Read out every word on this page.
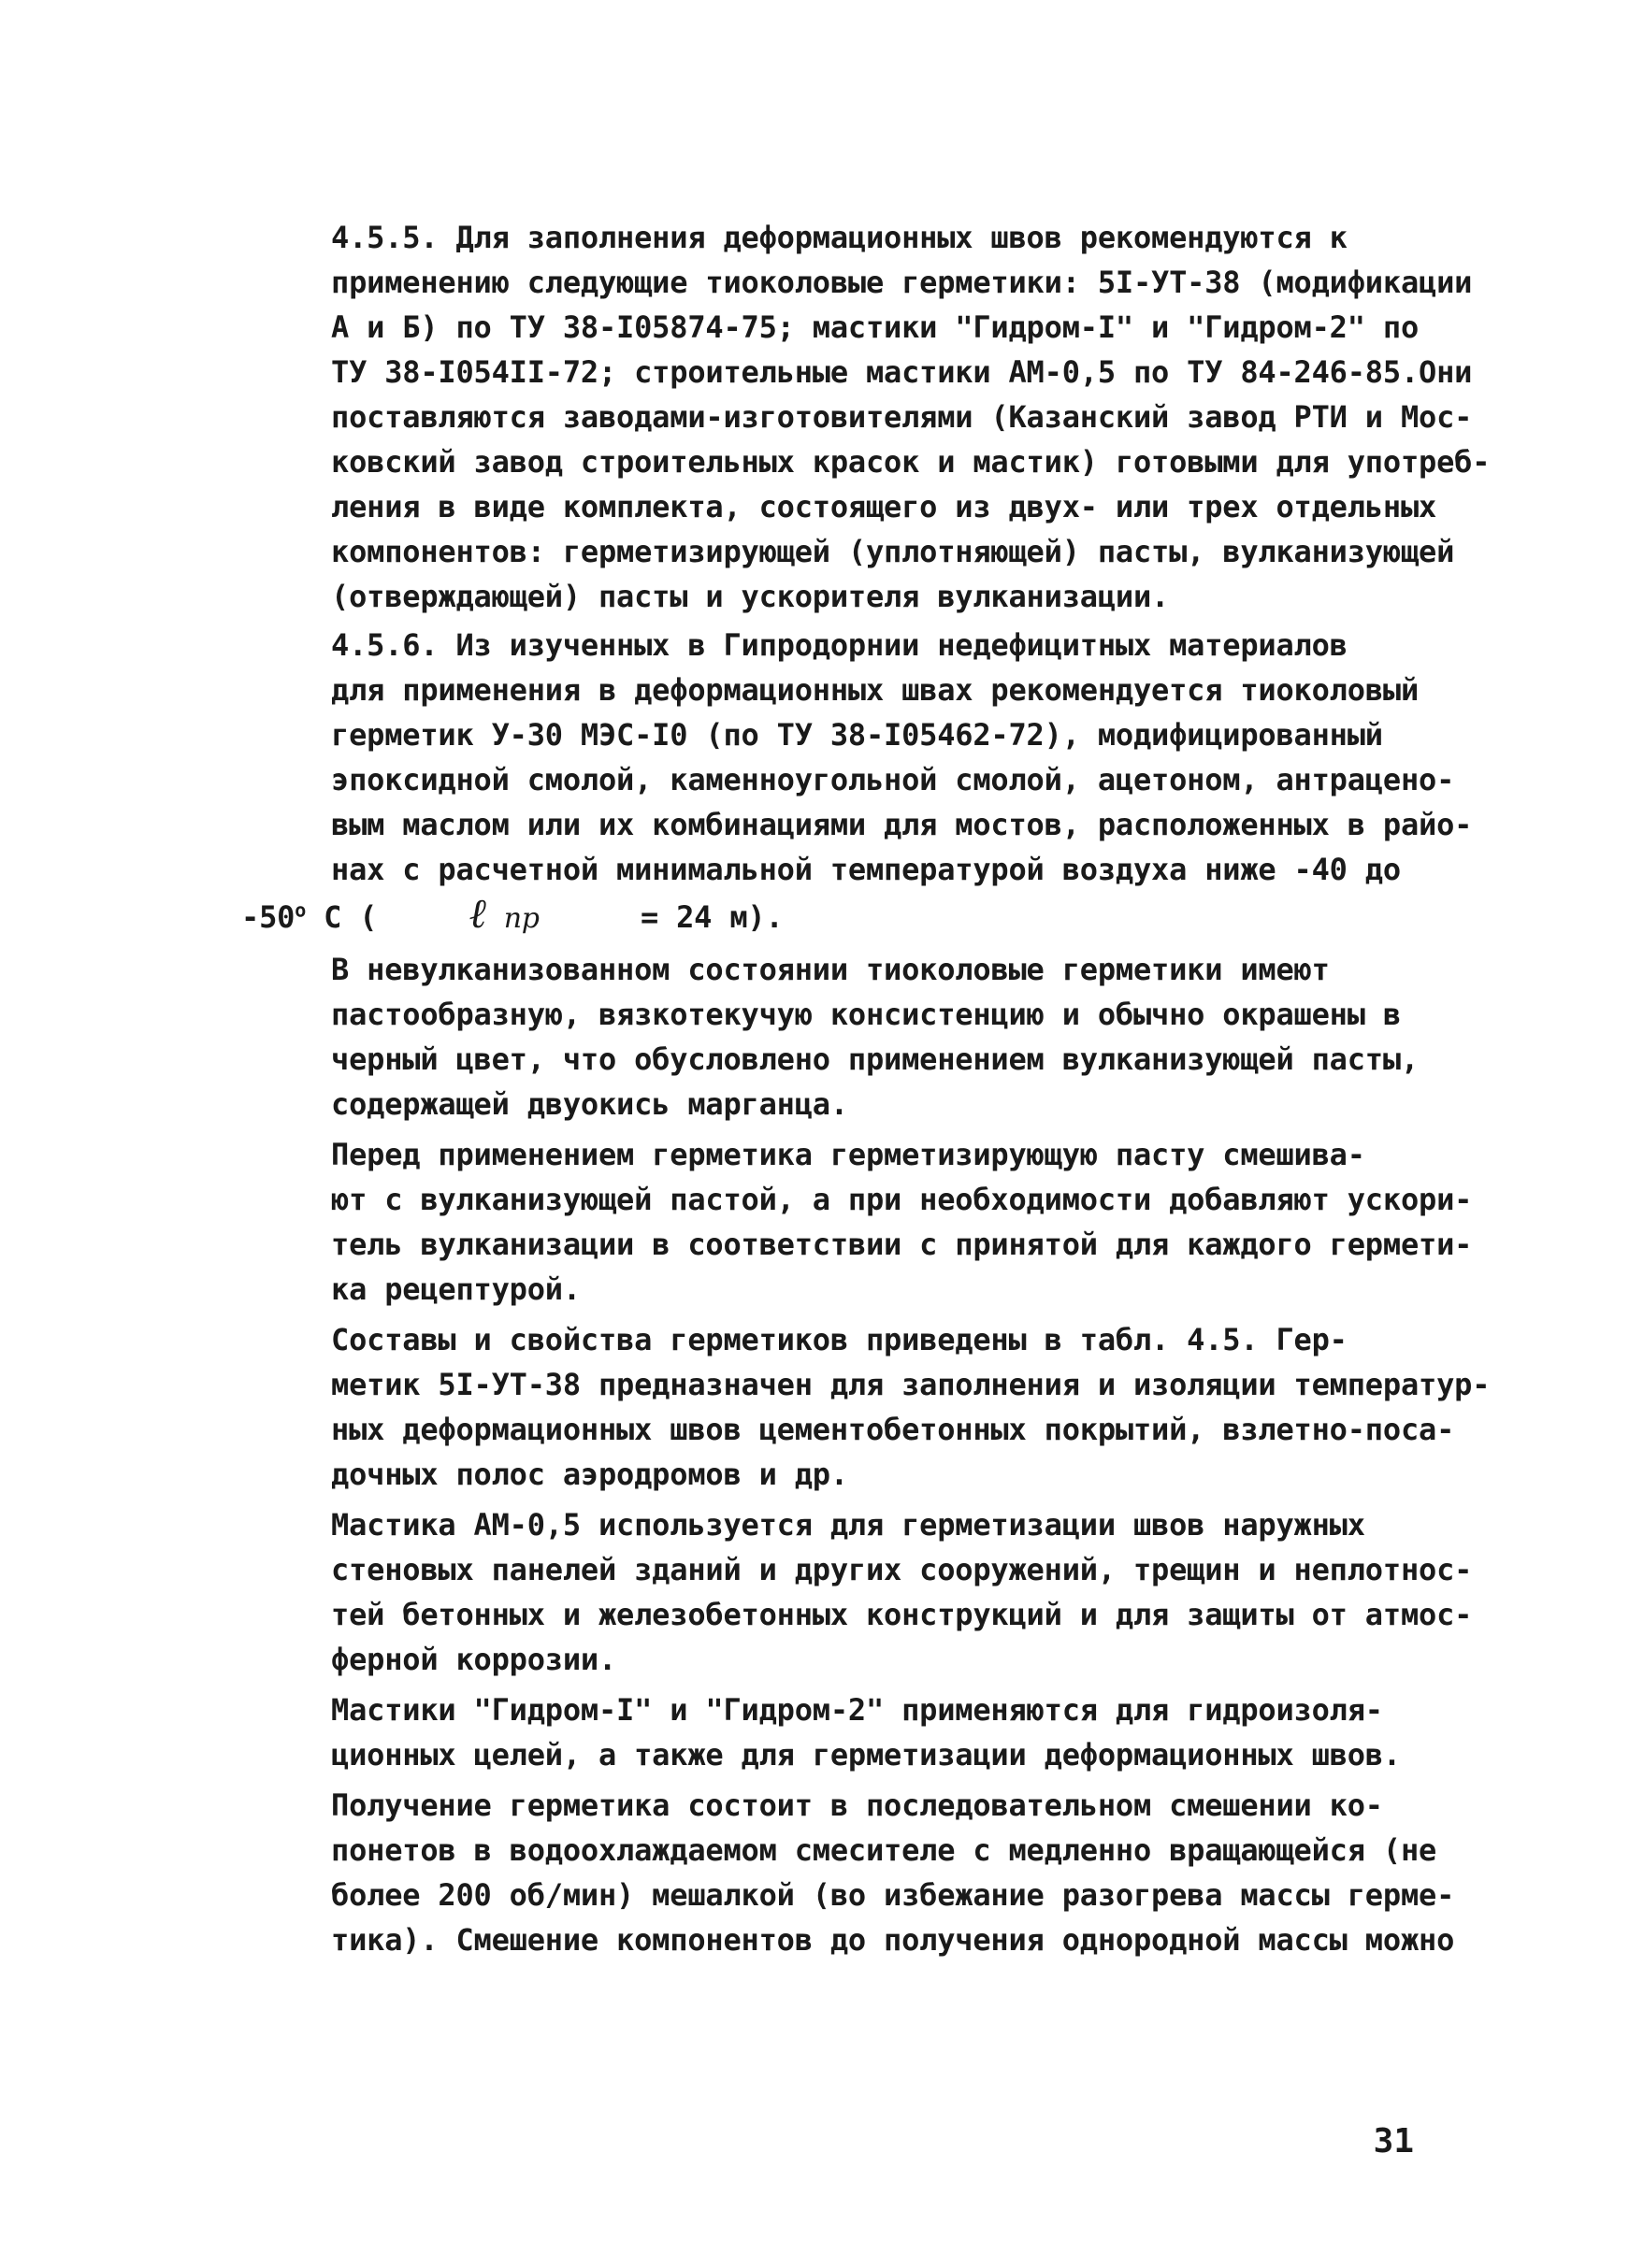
4.5.5. Для заполнения деформационных швов рекомендуются к
применению следующие тиоколовые герметики: 5I-УТ-38 (модификации
А и Б) по ТУ 38-I05874-75; мастики "Гидром-I" и "Гидром-2" по
ТУ 38-I054II-72; строительные мастики АМ-0,5 по ТУ 84-246-85.Они
поставляются заводами-изготовителями (Казанский завод РТИ и Мос-
ковский завод строительных красок и мастик) готовыми для употреб-
ления в виде комплекта, состоящего из двух- или трех отдельных
компонентов: герметизирующей (уплотняющей) пасты, вулканизующей
(отверждающей) пасты и ускорителя вулканизации.

4.5.6. Из изученных в Гипродорнии недефицитных материалов
для применения в деформационных швах рекомендуется тиоколовый
герметик У-30 МЭС-I0 (по ТУ 38-I05462-72), модифицированный
эпоксидной смолой, каменноугольной смолой, ацетоном, антрацено-
вым маслом или их комбинациями для мостов, расположенных в райо-
нах с расчетной минимальной температурой воздуха ниже -40 до
$-50^о$ С ( ℓ пр	= 24 м).

В невулканизованном состоянии тиоколовые герметики имеют
пастообразную, вязкотекучую консистенцию и обычно окрашены в
черный цвет, что обусловлено применением вулканизующей пасты,
содержащей двуокись марганца.

Перед применением герметика герметизирующую пасту смешива-
ют с вулканизующей пастой, а при необходимости добавляют ускори-
тель вулканизации в соответствии с принятой для каждого гермети-
ка рецептурой.

Составы и свойства герметиков приведены в табл. 4.5. Гер-
метик 5I-УТ-38 предназначен для заполнения и изоляции температур-
ных деформационных швов цементобетонных покрытий, взлетно-поса-
дочных полос аэродромов и др.

Мастика АМ-0,5 используется для герметизации швов наружных
стеновых панелей зданий и других сооружений, трещин и неплотнос-
тей бетонных и железобетонных конструкций и для защиты от атмос-
ферной коррозии.

Мастики "Гидром-I" и "Гидром-2" применяются для гидроизоля-
ционных целей, а также для герметизации деформационных швов.

Получение герметика состоит в последовательном смешении ко-
понетов в водоохлаждаемом смесителе с медленно вращающейся (не
более 200 об/мин) мешалкой (во избежание разогрева массы гермe-
тика). Смешение компонентов до получения однородной массы можно

31
